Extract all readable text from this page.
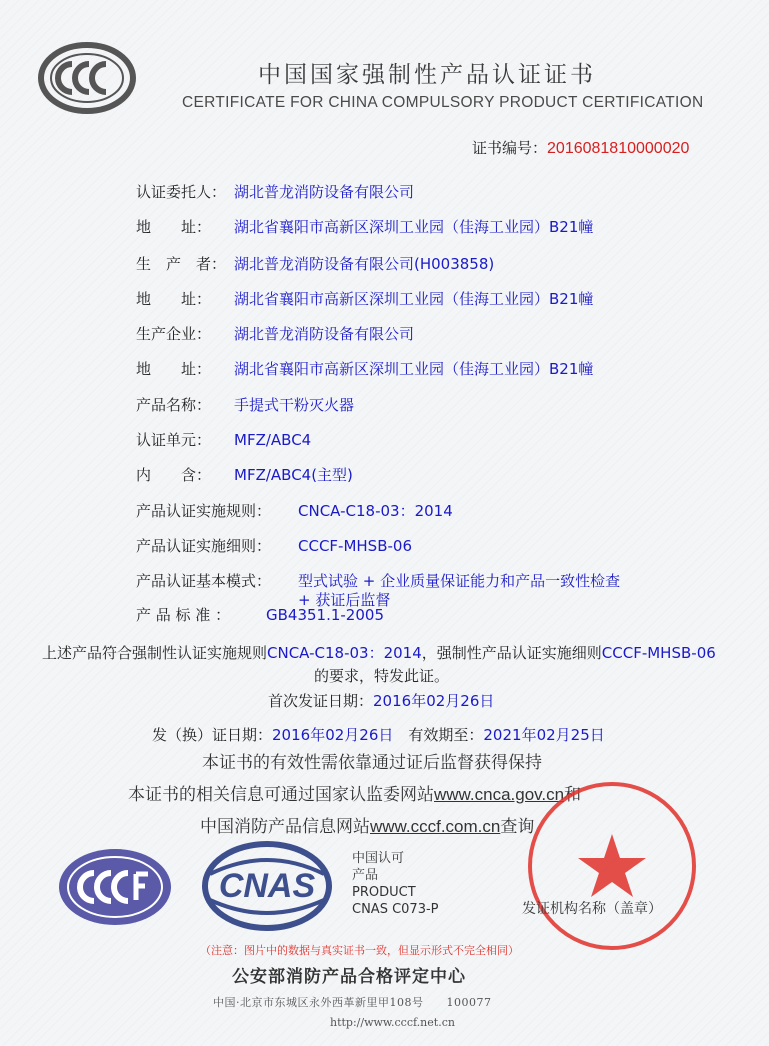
中国国家强制性产品认证证书
CERTIFICATE FOR CHINA COMPULSORY PRODUCT CERTIFICATION
证书编号：2016081810000020
认证委托人： 湖北普龙消防设备有限公司
地　　址： 湖北省襄阳市高新区深圳工业园（佳海工业园）B21幢
生　产　者： 湖北普龙消防设备有限公司(H003858)
地　　址： 湖北省襄阳市高新区深圳工业园（佳海工业园）B21幢
生产企业： 湖北普龙消防设备有限公司
地　　址： 湖北省襄阳市高新区深圳工业园（佳海工业园）B21幢
产品名称： 手提式干粉灭火器
认证单元： MFZ/ABC4
内　　含： MFZ/ABC4(主型)
产品认证实施规则： CNCA-C18-03：2014
产品认证实施细则： CCCF-MHSB-06
产品认证基本模式： 型式试验 + 企业质量保证能力和产品一致性检查
+ 获证后监督
产 品 标 准 ： GB4351.1-2005
上述产品符合强制性认证实施规则CNCA-C18-03：2014，强制性产品认证实施细则CCCF-MHSB-06
的要求，特发此证。
首次发证日期：2016年02月26日
发（换）证日期：2016年02月26日　有效期至：2021年02月25日
本证书的有效性需依靠通过证后监督获得保持
本证书的相关信息可通过国家认监委网站www.cnca.gov.cn和
中国消防产品信息网站www.cccf.com.cn查询
CNAS
中国认可
产品
PRODUCT
CNAS C073-P	发证机构名称（盖章）
（注意：图片中的数据与真实证书一致，但显示形式不完全相同）
公安部消防产品合格评定中心
中国·北京市东城区永外西革新里甲108号　　100077
http://www.cccf.net.cn
